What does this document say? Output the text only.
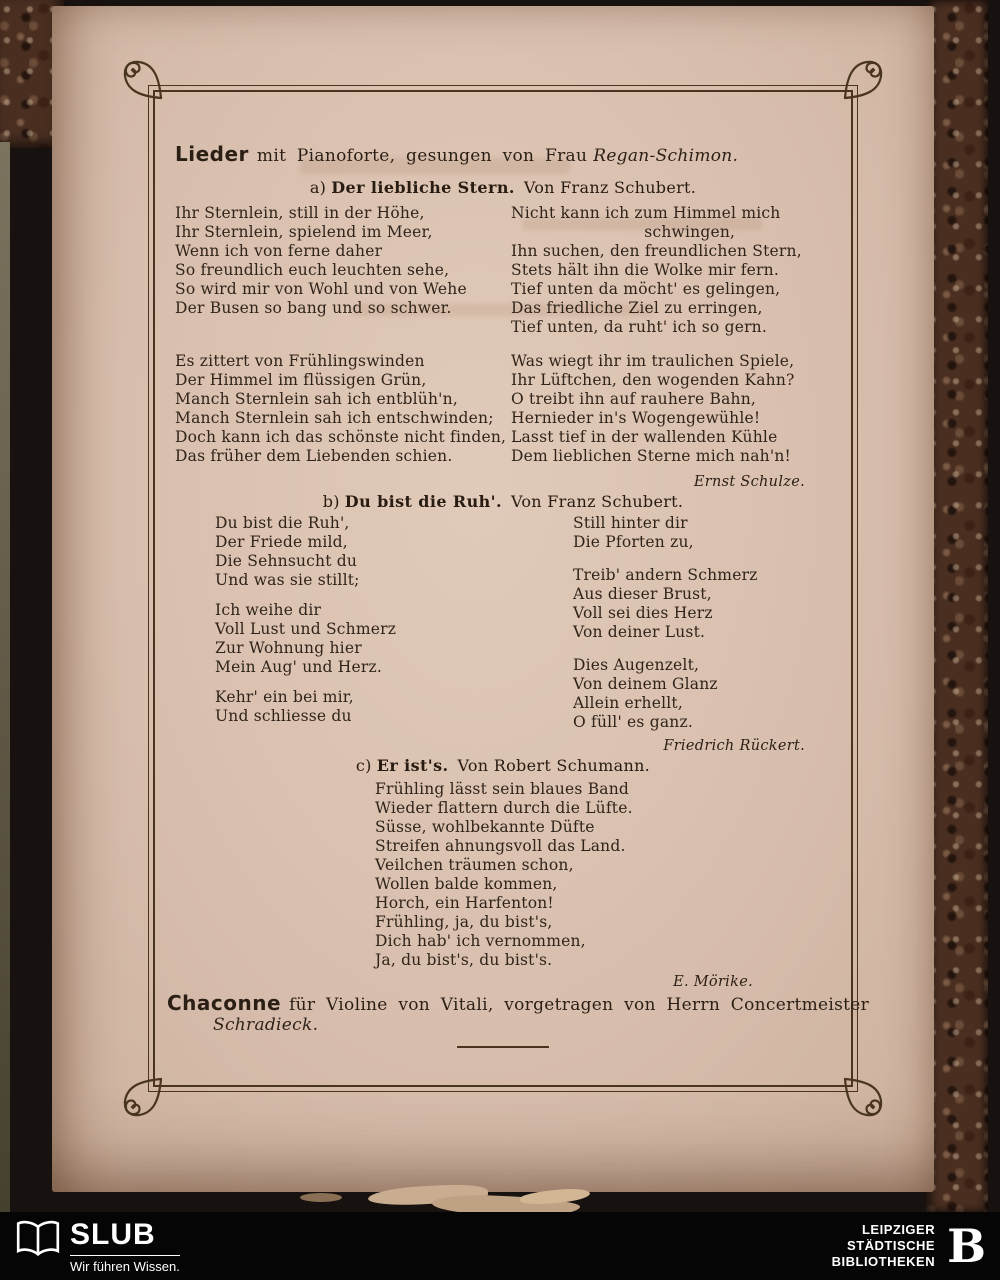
Lieder mit Pianoforte, gesungen von Frau Regan-Schimon.
a) Der liebliche Stern. Von Franz Schubert.
Ihr Sternlein, still in der Höhe,
Ihr Sternlein, spielend im Meer,
Wenn ich von ferne daher
So freundlich euch leuchten sehe,
So wird mir von Wohl und von Wehe
Der Busen so bang und so schwer.
Es zittert von Frühlingswinden
Der Himmel im flüssigen Grün,
Manch Sternlein sah ich entblüh'n,
Manch Sternlein sah ich entschwinden;
Doch kann ich das schönste nicht finden,
Das früher dem Liebenden schien.
Nicht kann ich zum Himmel mich
schwingen,
Ihn suchen, den freundlichen Stern,
Stets hält ihn die Wolke mir fern.
Tief unten da möcht' es gelingen,
Das friedliche Ziel zu erringen,
Tief unten, da ruht' ich so gern.
Was wiegt ihr im traulichen Spiele,
Ihr Lüftchen, den wogenden Kahn?
O treibt ihn auf rauhere Bahn,
Hernieder in's Wogengewühle!
Lasst tief in der wallenden Kühle
Dem lieblichen Sterne mich nah'n!
Ernst Schulze.
b) Du bist die Ruh'. Von Franz Schubert.
Du bist die Ruh',
Der Friede mild,
Die Sehnsucht du
Und was sie stillt;
Ich weihe dir
Voll Lust und Schmerz
Zur Wohnung hier
Mein Aug' und Herz.
Kehr' ein bei mir,
Und schliesse du
Still hinter dir
Die Pforten zu,
Treib' andern Schmerz
Aus dieser Brust,
Voll sei dies Herz
Von deiner Lust.
Dies Augenzelt,
Von deinem Glanz
Allein erhellt,
O füll' es ganz.
Friedrich Rückert.
c) Er ist's. Von Robert Schumann.
Frühling lässt sein blaues Band
Wieder flattern durch die Lüfte.
Süsse, wohlbekannte Düfte
Streifen ahnungsvoll das Land.
Veilchen träumen schon,
Wollen balde kommen,
Horch, ein Harfenton!
Frühling, ja, du bist's,
Dich hab' ich vernommen,
Ja, du bist's, du bist's.
E. Mörike.
Chaconne für Violine von Vitali, vorgetragen von Herrn Concertmeister
Schradieck.
SLUB
Wir führen Wissen.
LEIPZIGER
STÄDTISCHE
BIBLIOTHEKEN B
